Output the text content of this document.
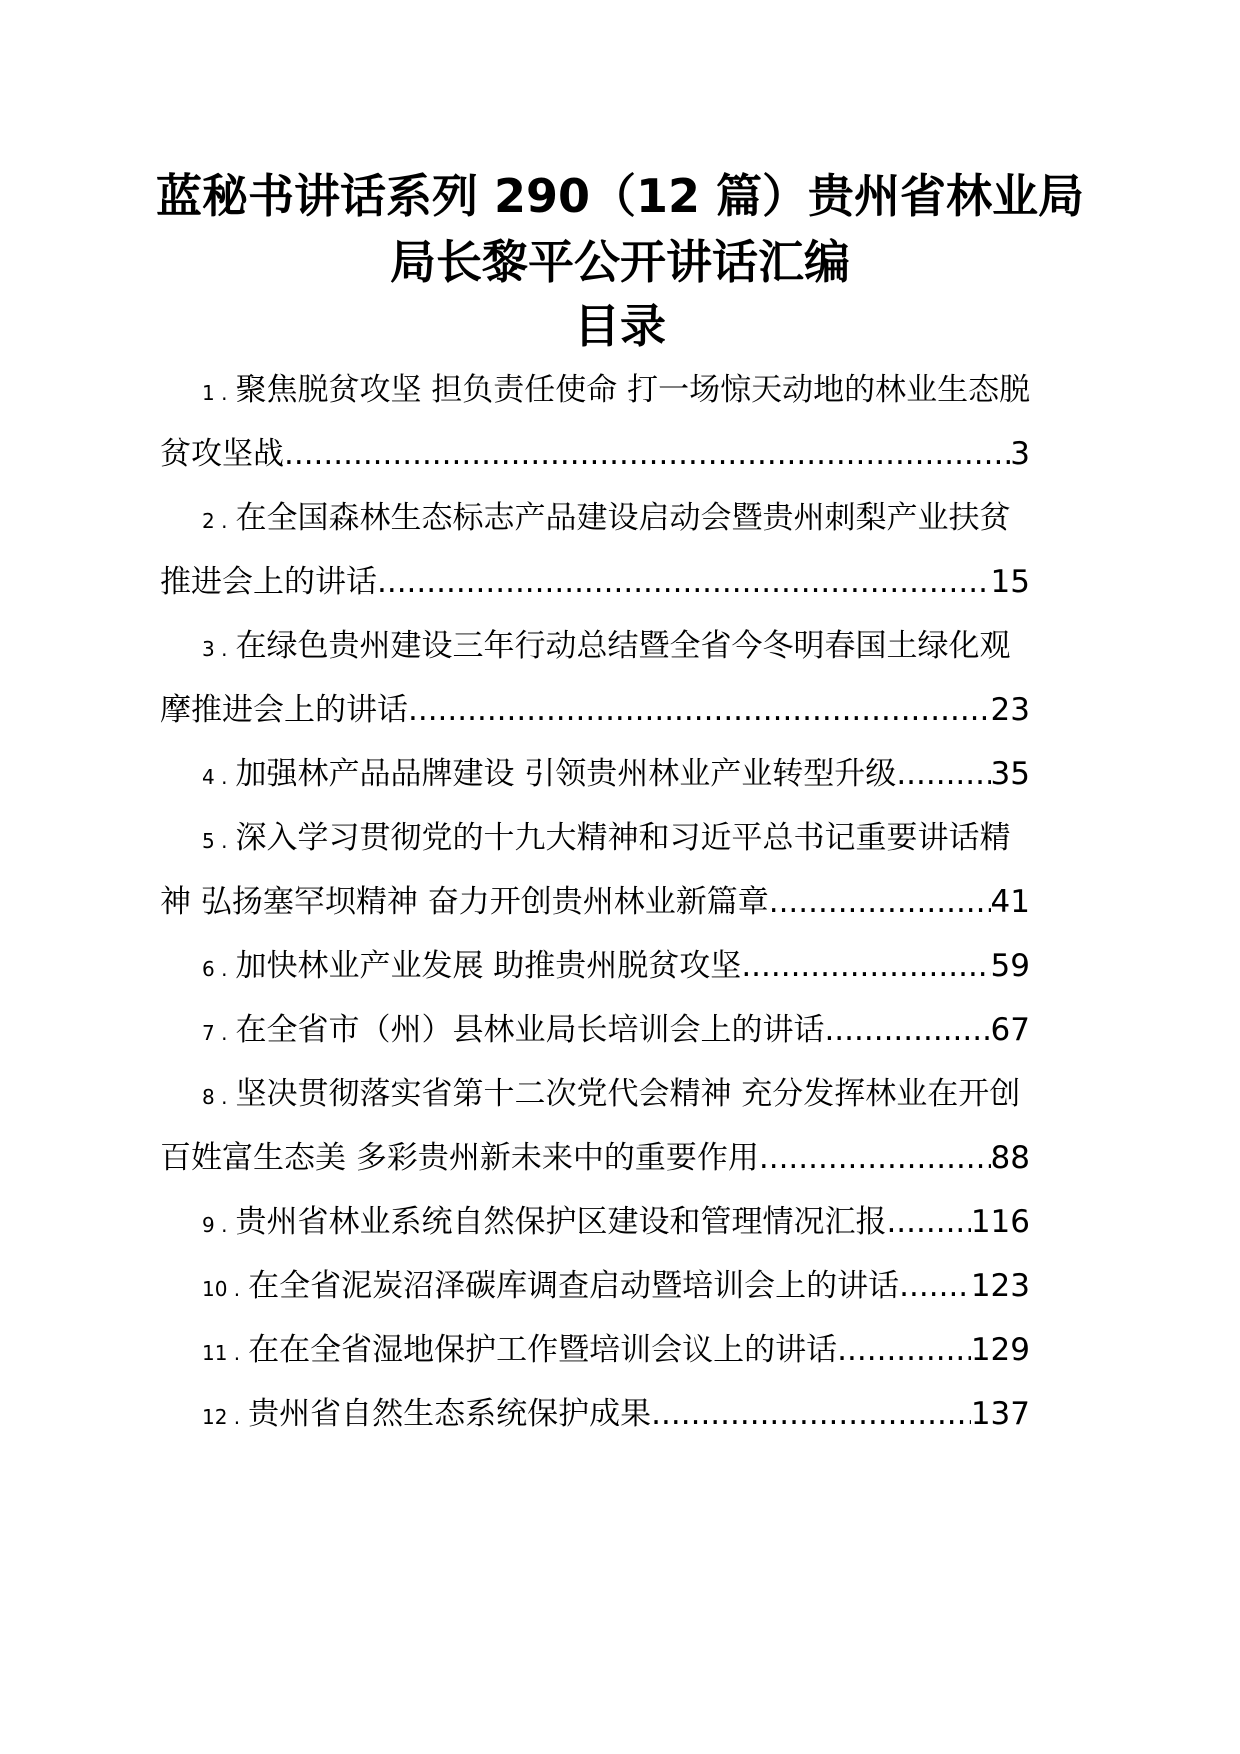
蓝秘书讲话系列 290（12 篇）贵州省林业局
局长黎平公开讲话汇编
目录
1 . 聚焦脱贫攻坚 担负责任使命 打一场惊天动地的林业生态脱
贫攻坚战 .....	3
2 . 在全国森林生态标志产品建设启动会暨贵州刺梨产业扶贫
推进会上的讲话 .....	15
3 . 在绿色贵州建设三年行动总结暨全省今冬明春国土绿化观
摩推进会上的讲话 .....	23
4 . 加强林产品品牌建设 引领贵州林业产业转型升级 .....	35
5 . 深入学习贯彻党的十九大精神和习近平总书记重要讲话精
神 弘扬塞罕坝精神 奋力开创贵州林业新篇章 .....	41
6 . 加快林业产业发展 助推贵州脱贫攻坚 .....	59
7 . 在全省市（州）县林业局长培训会上的讲话 .....	67
8 . 坚决贯彻落实省第十二次党代会精神 充分发挥林业在开创
百姓富生态美 多彩贵州新未来中的重要作用 .....	88
9 . 贵州省林业系统自然保护区建设和管理情况汇报 .....	116
10 . 在全省泥炭沼泽碳库调查启动暨培训会上的讲话 ..... 123
11 . 在在全省湿地保护工作暨培训会议上的讲话 .....	129
12 . 贵州省自然生态系统保护成果 .....	137
